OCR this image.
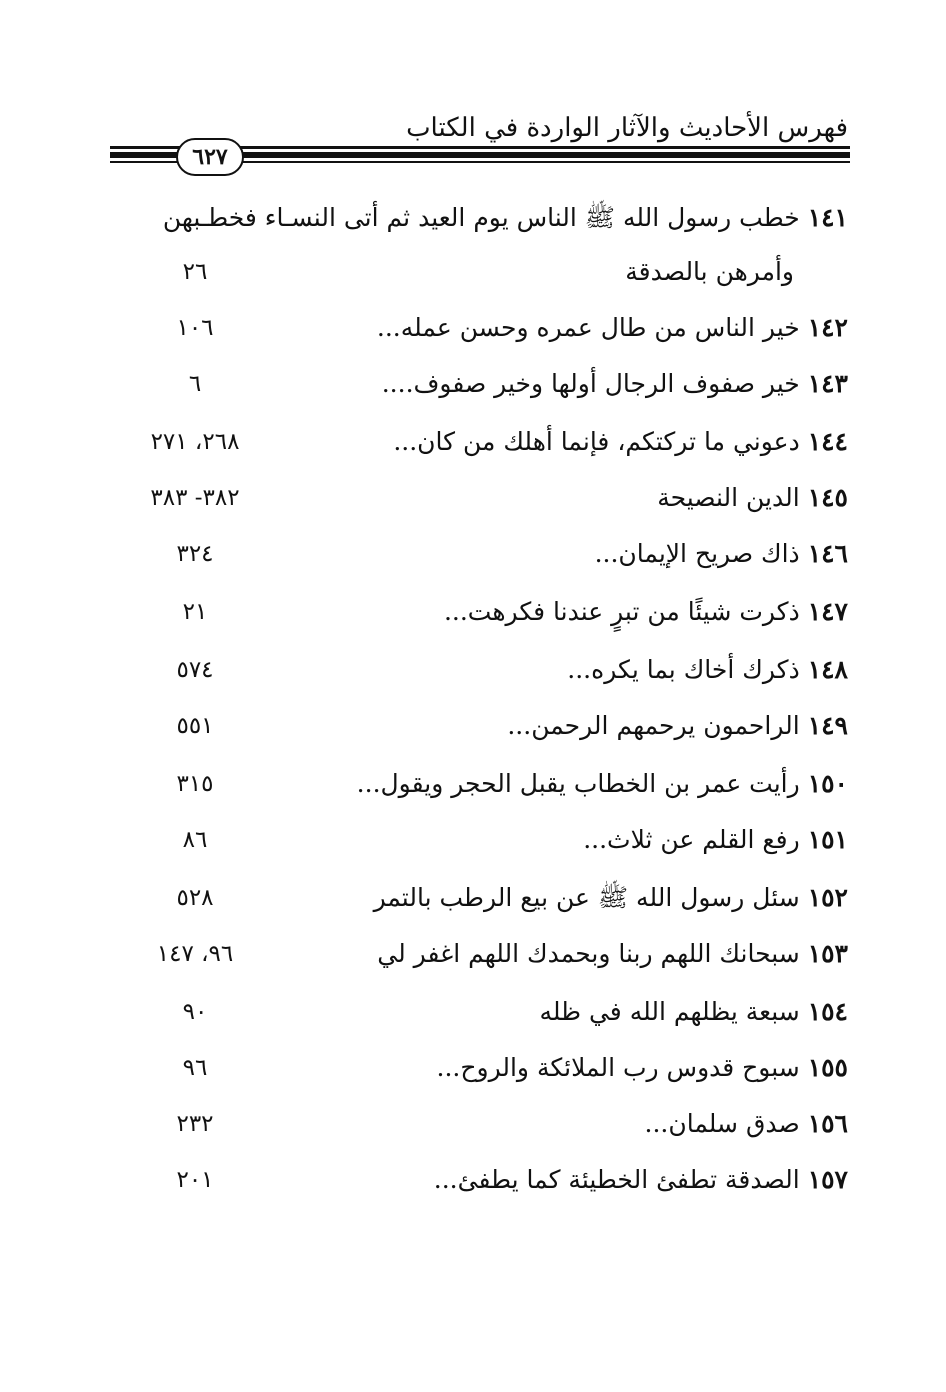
فهرس الأحاديث والآثار الواردة في الكتاب
٦٢٧
١٤١خطب رسول الله ﷺ الناس يوم العيد ثم أتى النسـاء فخطـبهن
وأمرهن بالصدقة
٢٦
١٤٢خير الناس من طال عمره وحسن عمله...
١٠٦
١٤٣خير صفوف الرجال أولها وخير صفوف....
٦
١٤٤دعوني ما تركتكم، فإنما أهلك من كان...
٢٦٨، ٢٧١
١٤٥الدين النصيحة
٣٨٢- ٣٨٣
١٤٦ذاك صريح الإيمان...
٣٢٤
١٤٧ذكرت شيئًا من تبرٍ عندنا فكرهت...
٢١
١٤٨ذكرك أخاك بما يكره...
٥٧٤
١٤٩الراحمون يرحمهم الرحمن...
٥٥١
١٥٠رأيت عمر بن الخطاب يقبل الحجر ويقول...
٣١٥
١٥١رفع القلم عن ثلاث...
٨٦
١٥٢سئل رسول الله ﷺ عن بيع الرطب بالتمر
٥٢٨
١٥٣سبحانك اللهم ربنا وبحمدك اللهم اغفر لي
٩٦، ١٤٧
١٥٤سبعة يظلهم الله في ظله
٩٠
١٥٥سبوح قدوس رب الملائكة والروح...
٩٦
١٥٦صدق سلمان...
٢٣٢
١٥٧الصدقة تطفئ الخطيئة كما يطفئ...
٢٠١
